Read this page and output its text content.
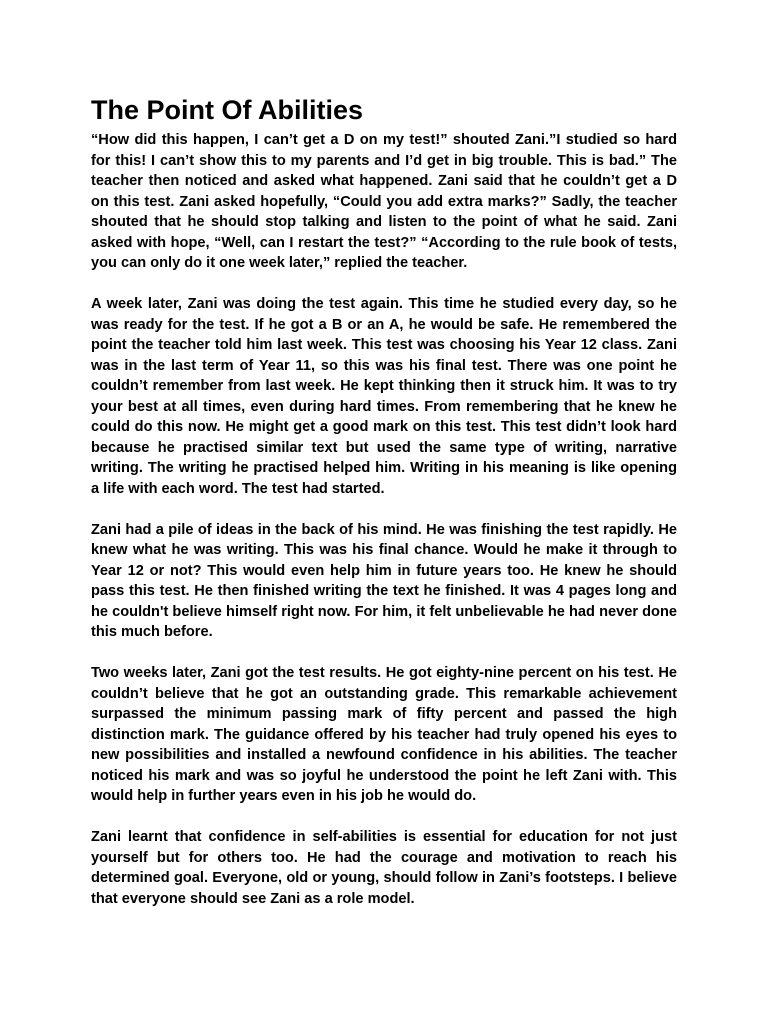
The Point Of Abilities

“How did this happen, I can’t get a D on my test!” shouted Zani.”I studied so hard for this! I can’t show this to my parents and I’d get in big trouble. This is bad.” The teacher then noticed and asked what happened. Zani said that he couldn’t get a D on this test. Zani asked hopefully, “Could you add extra marks?” Sadly, the teacher shouted that he should stop talking and listen to the point of what he said. Zani asked with hope, “Well, can I restart the test?” “According to the rule book of tests, you can only do it one week later,” replied the teacher.

A week later, Zani was doing the test again. This time he studied every day, so he was ready for the test. If he got a B or an A, he would be safe. He remembered the point the teacher told him last week. This test was choosing his Year 12 class. Zani was in the last term of Year 11, so this was his final test. There was one point he couldn’t remember from last week. He kept thinking then it struck him. It was to try your best at all times, even during hard times. From remembering that he knew he could do this now. He might get a good mark on this test. This test didn’t look hard because he practised similar text but used the same type of writing, narrative writing. The writing he practised helped him. Writing in his meaning is like opening a life with each word. The test had started.

Zani had a pile of ideas in the back of his mind. He was finishing the test rapidly. He knew what he was writing. This was his final chance. Would he make it through to Year 12 or not? This would even help him in future years too. He knew he should pass this test. He then finished writing the text he finished. It was 4 pages long and he couldn't believe himself right now. For him, it felt unbelievable he had never done this much before.

Two weeks later, Zani got the test results. He got eighty-nine percent on his test. He couldn’t believe that he got an outstanding grade. This remarkable achievement surpassed the minimum passing mark of fifty percent and passed the high distinction mark. The guidance offered by his teacher had truly opened his eyes to new possibilities and installed a newfound confidence in his abilities. The teacher noticed his mark and was so joyful he understood the point he left Zani with. This would help in further years even in his job he would do.

Zani learnt that confidence in self-abilities is essential for education for not just yourself but for others too. He had the courage and motivation to reach his determined goal. Everyone, old or young, should follow in Zani’s footsteps. I believe that everyone should see Zani as a role model.
